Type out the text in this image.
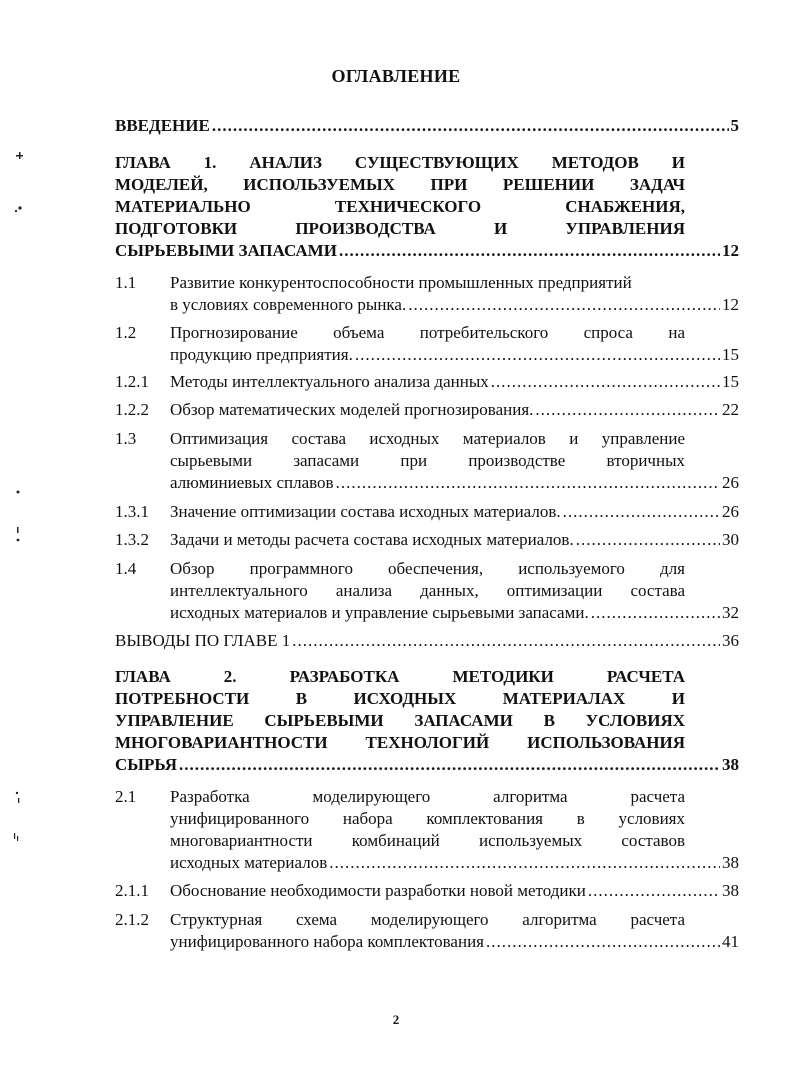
ОГЛАВЛЕНИЕ
ВВЕДЕНИЕ .....	5
ГЛАВА 1. АНАЛИЗ СУЩЕСТВУЮЩИХ МЕТОДОВ И
МОДЕЛЕЙ, ИСПОЛЬЗУЕМЫХ ПРИ РЕШЕНИИ ЗАДАЧ
МАТЕРИАЛЬНО ТЕХНИЧЕСКОГО СНАБЖЕНИЯ,
ПОДГОТОВКИ ПРОИЗВОДСТВА И УПРАВЛЕНИЯ
СЫРЬЕВЫМИ ЗАПАСАМИ .....	12
1.1 Развитие конкурентоспособности промышленных предприятий
в условиях современного рынка. .....	12
1.2 Прогнозирование объема потребительского спроса на
продукцию предприятия. .....	15
1.2.1 Методы интеллектуального анализа данных .....	15
1.2.2 Обзор математических моделей прогнозирования. .....	22
1.3 Оптимизация состава исходных материалов и управление
сырьевыми запасами при производстве вторичных
алюминиевых сплавов .....	26
1.3.1 Значение оптимизации состава исходных материалов. .....	26
1.3.2 Задачи и методы расчета состава исходных материалов. .....	30
1.4 Обзор программного обеспечения, используемого для
интеллектуального анализа данных, оптимизации состава
исходных материалов и управление сырьевыми запасами. .....	32
ВЫВОДЫ ПО ГЛАВЕ 1 .....	36
ГЛАВА 2. РАЗРАБОТКА МЕТОДИКИ РАСЧЕТА
ПОТРЕБНОСТИ В ИСХОДНЫХ МАТЕРИАЛАХ И
УПРАВЛЕНИЕ СЫРЬЕВЫМИ ЗАПАСАМИ В УСЛОВИЯХ
МНОГОВАРИАНТНОСТИ ТЕХНОЛОГИЙ ИСПОЛЬЗОВАНИЯ
СЫРЬЯ .....	38
2.1 Разработка моделирующего алгоритма расчета
унифицированного набора комплектования в условиях
многовариантности комбинаций используемых составов
исходных материалов .....	38
2.1.1 Обоснование необходимости разработки новой методики .....	38
2.1.2 Структурная схема моделирующего алгоритма расчета
унифицированного набора комплектования .....	41
2
